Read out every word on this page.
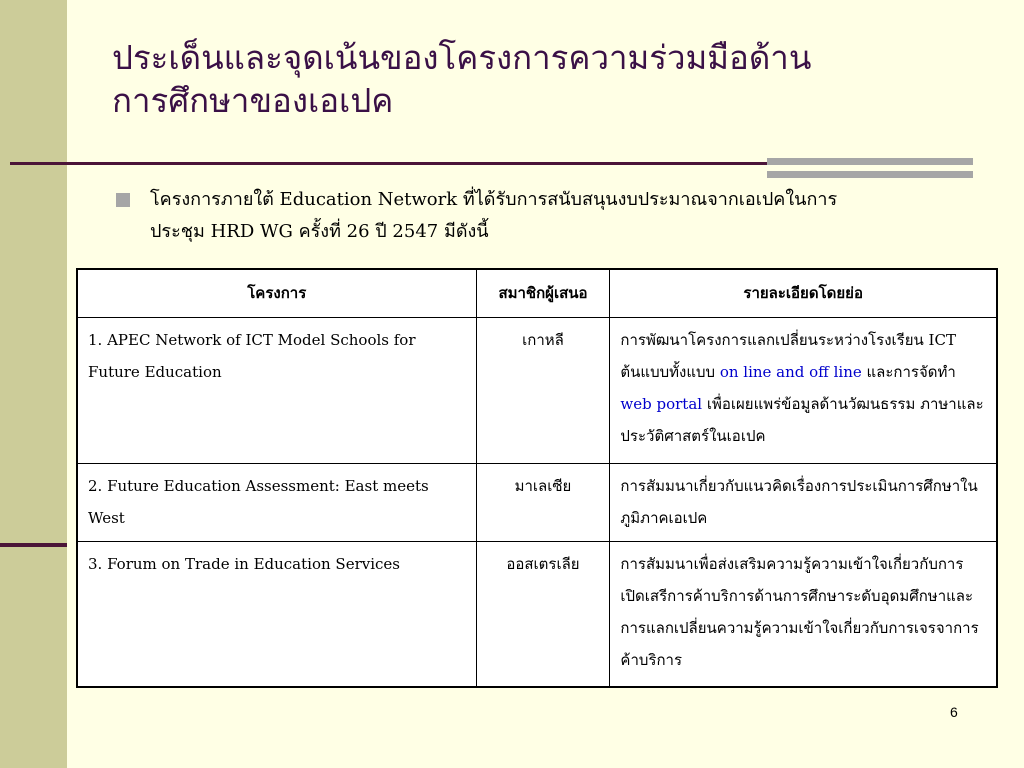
ประเด็นและจุดเน้นของโครงการความร่วมมือด้าน
การศึกษาของเอเปค
โครงการภายใต้ Education Network ที่ได้รับการสนับสนุนงบประมาณจากเอเปคในการ
ประชุม HRD WG ครั้งที่ 26 ปี 2547 มีดังนี้
โครงการ	สมาชิกผู้เสนอ	รายละเอียดโดยย่อ
1. APEC Network of ICT Model Schools for Future Education	เกาหลี	การพัฒนาโครงการแลกเปลี่ยนระหว่างโรงเรียน ICT ต้นแบบทั้งแบบ on line and off line และการจัดทำ web portal เพื่อเผยแพร่ข้อมูลด้านวัฒนธรรม ภาษาและประวัติศาสตร์ในเอเปค
2. Future Education Assessment: East meets West	มาเลเซีย	การสัมมนาเกี่ยวกับแนวคิดเรื่องการประเมินการศึกษาในภูมิภาคเอเปค
3. Forum on Trade in Education Services	ออสเตรเลีย	การสัมมนาเพื่อส่งเสริมความรู้ความเข้าใจเกี่ยวกับการเปิดเสรีการค้าบริการด้านการศึกษาระดับอุดมศึกษาและการแลกเปลี่ยนความรู้ความเข้าใจเกี่ยวกับการเจรจาการค้าบริการ
6
